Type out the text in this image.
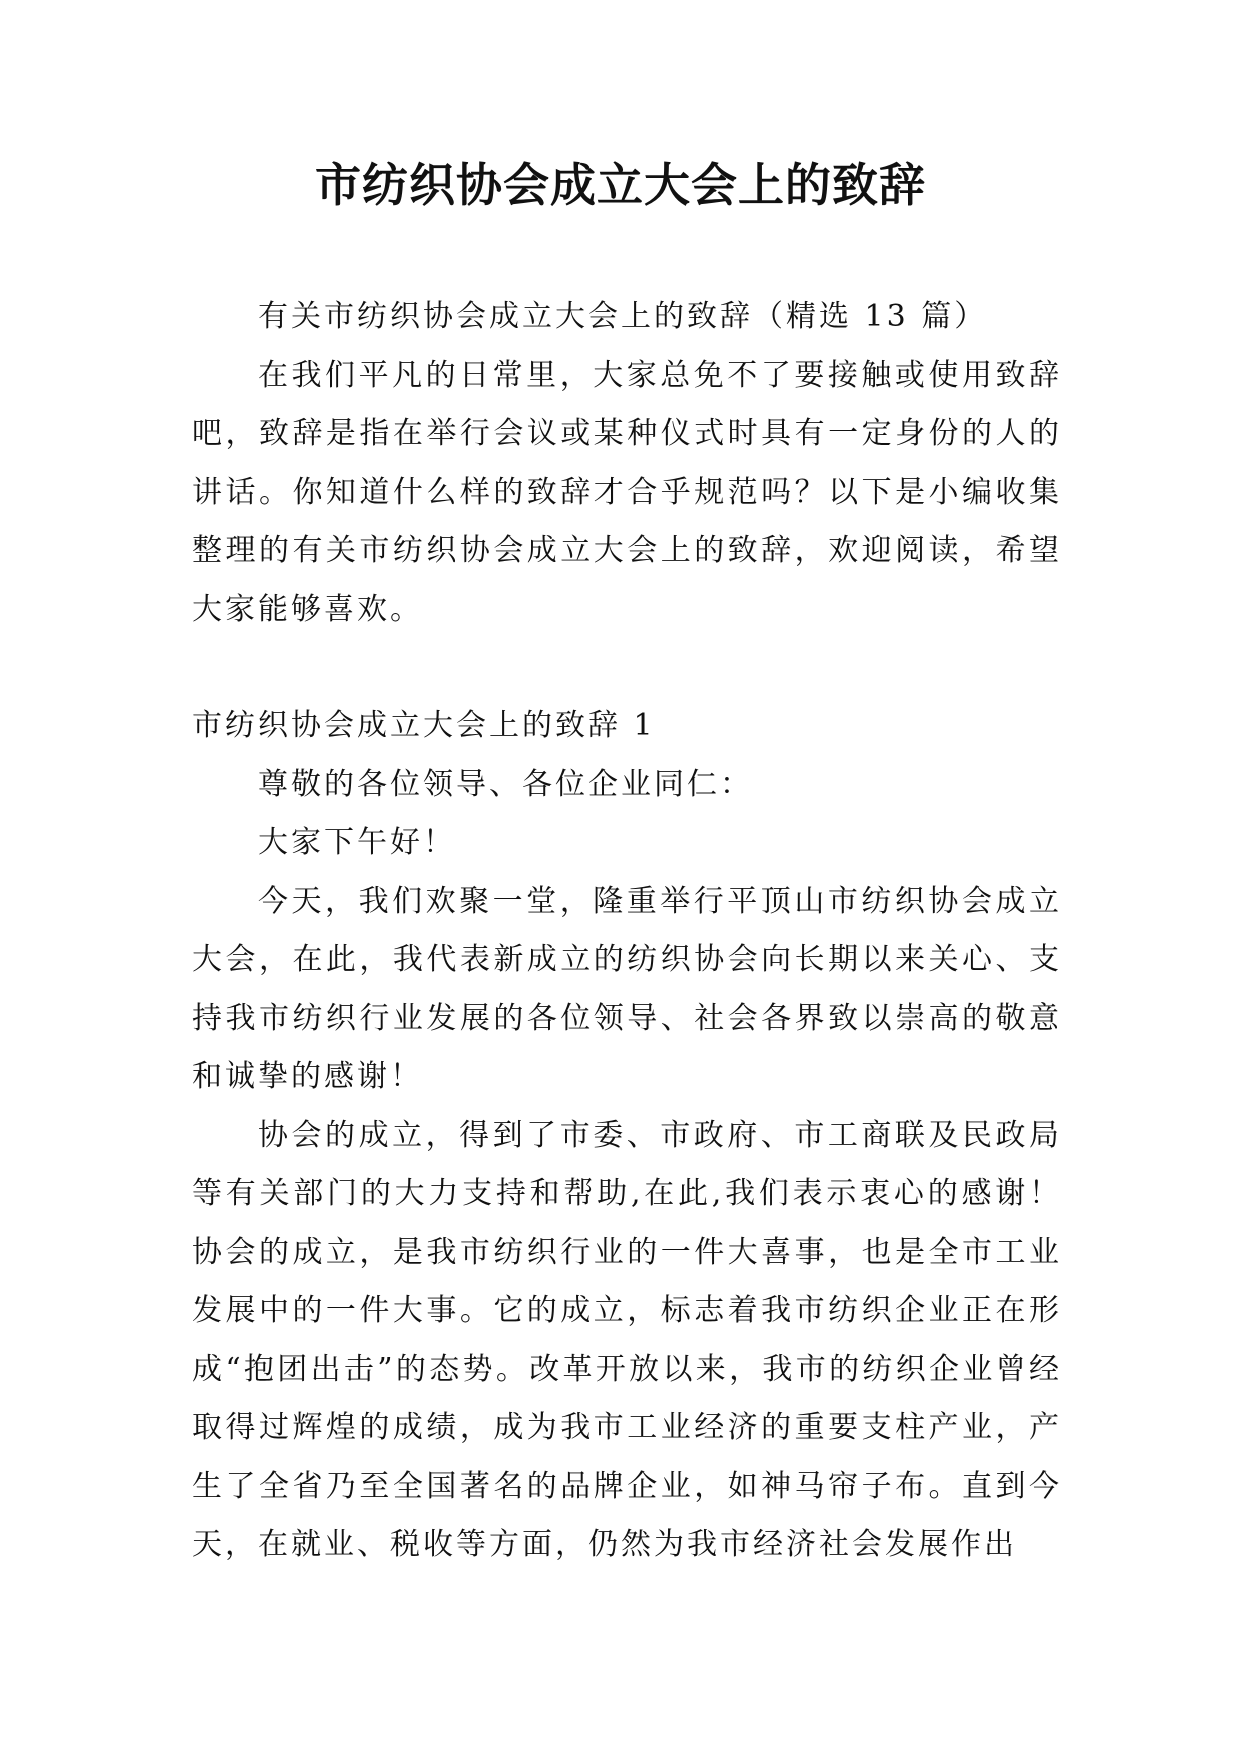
市纺织协会成立大会上的致辞

有关市纺织协会成立大会上的致辞（精选 13 篇）

在我们平凡的日常里，大家总免不了要接触或使用致辞吧，致辞是指在举行会议或某种仪式时具有一定身份的人的讲话。你知道什么样的致辞才合乎规范吗？以下是小编收集整理的有关市纺织协会成立大会上的致辞，欢迎阅读，希望大家能够喜欢。

市纺织协会成立大会上的致辞 1

尊敬的各位领导、各位企业同仁：

大家下午好！

今天，我们欢聚一堂，隆重举行平顶山市纺织协会成立大会，在此，我代表新成立的纺织协会向长期以来关心、支持我市纺织行业发展的各位领导、社会各界致以崇高的敬意和诚挚的感谢！

协会的成立，得到了市委、市政府、市工商联及民政局等有关部门的大力支持和帮助,在此,我们表示衷心的感谢！协会的成立，是我市纺织行业的一件大喜事，也是全市工业发展中的一件大事。它的成立，标志着我市纺织企业正在形成“抱团出击”的态势。改革开放以来，我市的纺织企业曾经取得过辉煌的成绩，成为我市工业经济的重要支柱产业，产生了全省乃至全国著名的品牌企业，如神马帘子布。直到今天，在就业、税收等方面，仍然为我市经济社会发展作出
